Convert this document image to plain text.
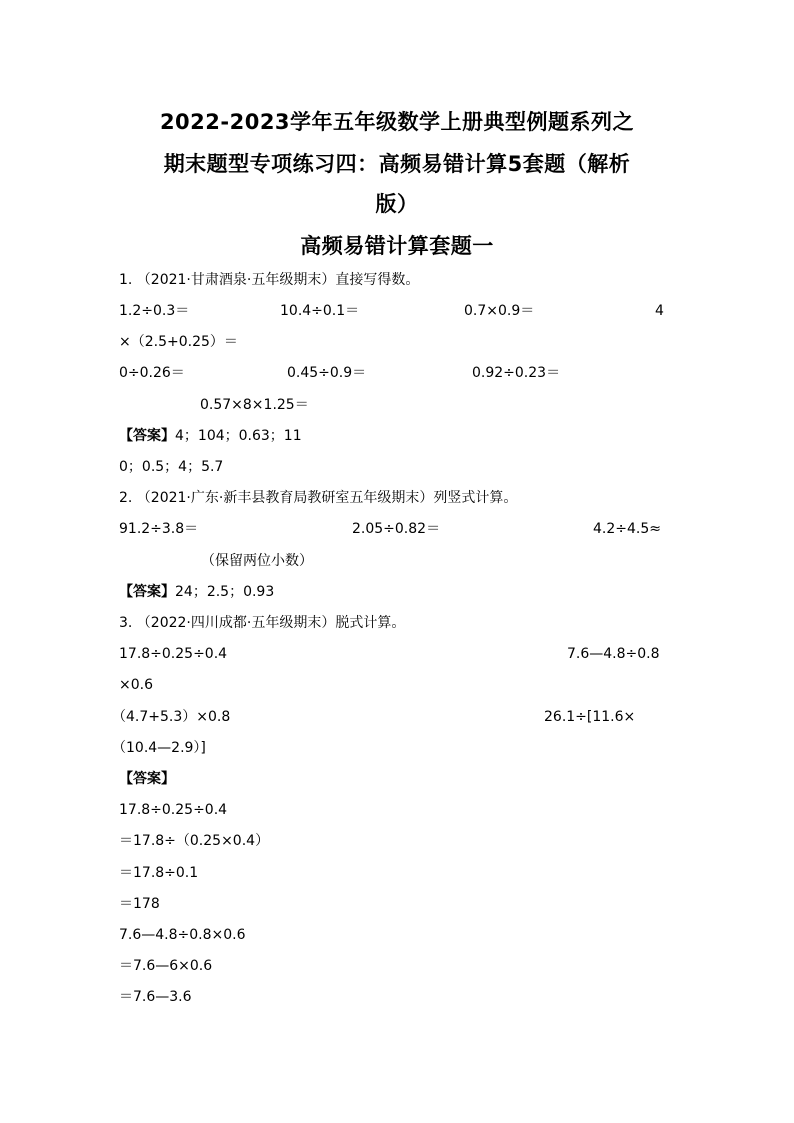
2022-2023学年五年级数学上册典型例题系列之
期末题型专项练习四：高频易错计算5套题（解析
版）
高频易错计算套题一
1. （2021·甘肃酒泉·五年级期末）直接写得数。
1.2÷0.3＝	10.4÷0.1＝	0.7×0.9＝	4
×（2.5+0.25）＝
0÷0.26＝	0.45÷0.9＝	0.92÷0.23＝
0.57×8×1.25＝
【答案】4；104；0.63；11
0；0.5；4；5.7
2. （2021·广东·新丰县教育局教研室五年级期末）列竖式计算。
91.2÷3.8＝	2.05÷0.82＝	4.2÷4.5≈
（保留两位小数）
【答案】24；2.5；0.93
3. （2022·四川成都·五年级期末）脱式计算。
17.8÷0.25÷0.4	7.6—4.8÷0.8
×0.6
（4.7+5.3）×0.8	26.1÷[11.6×
（10.4—2.9）]
【答案】
17.8÷0.25÷0.4
＝17.8÷（0.25×0.4）
＝17.8÷0.1
＝178
7.6—4.8÷0.8×0.6
＝7.6—6×0.6
＝7.6—3.6
